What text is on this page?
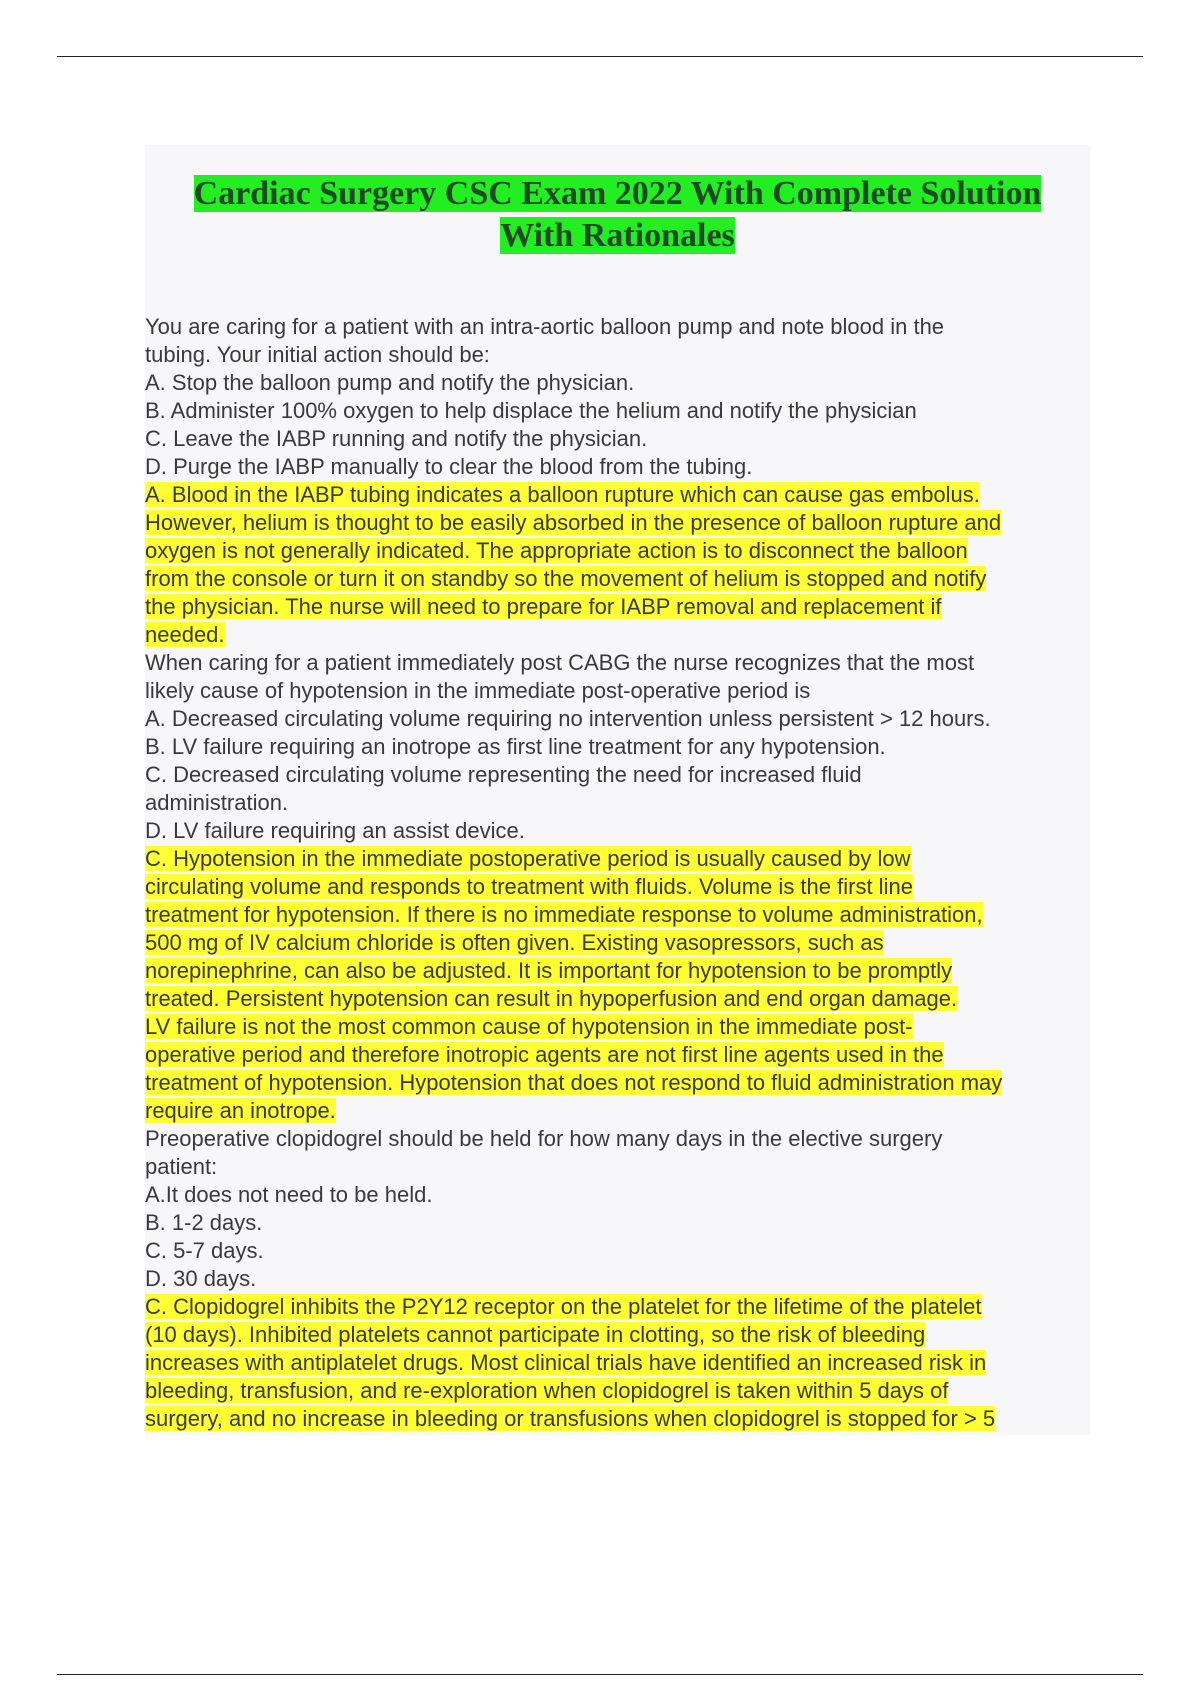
Cardiac Surgery CSC Exam 2022 With Complete Solution
With Rationales
You are caring for a patient with an intra-aortic balloon pump and note blood in the
tubing. Your initial action should be:
A. Stop the balloon pump and notify the physician.
B. Administer 100% oxygen to help displace the helium and notify the physician
C. Leave the IABP running and notify the physician.
D. Purge the IABP manually to clear the blood from the tubing.
A. Blood in the IABP tubing indicates a balloon rupture which can cause gas embolus.
However, helium is thought to be easily absorbed in the presence of balloon rupture and
oxygen is not generally indicated. The appropriate action is to disconnect the balloon
from the console or turn it on standby so the movement of helium is stopped and notify
the physician. The nurse will need to prepare for IABP removal and replacement if
needed.
When caring for a patient immediately post CABG the nurse recognizes that the most
likely cause of hypotension in the immediate post-operative period is
A. Decreased circulating volume requiring no intervention unless persistent > 12 hours.
B. LV failure requiring an inotrope as first line treatment for any hypotension.
C. Decreased circulating volume representing the need for increased fluid
administration.
D. LV failure requiring an assist device.
C. Hypotension in the immediate postoperative period is usually caused by low
circulating volume and responds to treatment with fluids. Volume is the first line
treatment for hypotension. If there is no immediate response to volume administration,
500 mg of IV calcium chloride is often given. Existing vasopressors, such as
norepinephrine, can also be adjusted. It is important for hypotension to be promptly
treated. Persistent hypotension can result in hypoperfusion and end organ damage.
LV failure is not the most common cause of hypotension in the immediate post-
operative period and therefore inotropic agents are not first line agents used in the
treatment of hypotension. Hypotension that does not respond to fluid administration may
require an inotrope.
Preoperative clopidogrel should be held for how many days in the elective surgery
patient:
A.It does not need to be held.
B. 1-2 days.
C. 5-7 days.
D. 30 days.
C. Clopidogrel inhibits the P2Y12 receptor on the platelet for the lifetime of the platelet
(10 days). Inhibited platelets cannot participate in clotting, so the risk of bleeding
increases with antiplatelet drugs. Most clinical trials have identified an increased risk in
bleeding, transfusion, and re-exploration when clopidogrel is taken within 5 days of
surgery, and no increase in bleeding or transfusions when clopidogrel is stopped for > 5
